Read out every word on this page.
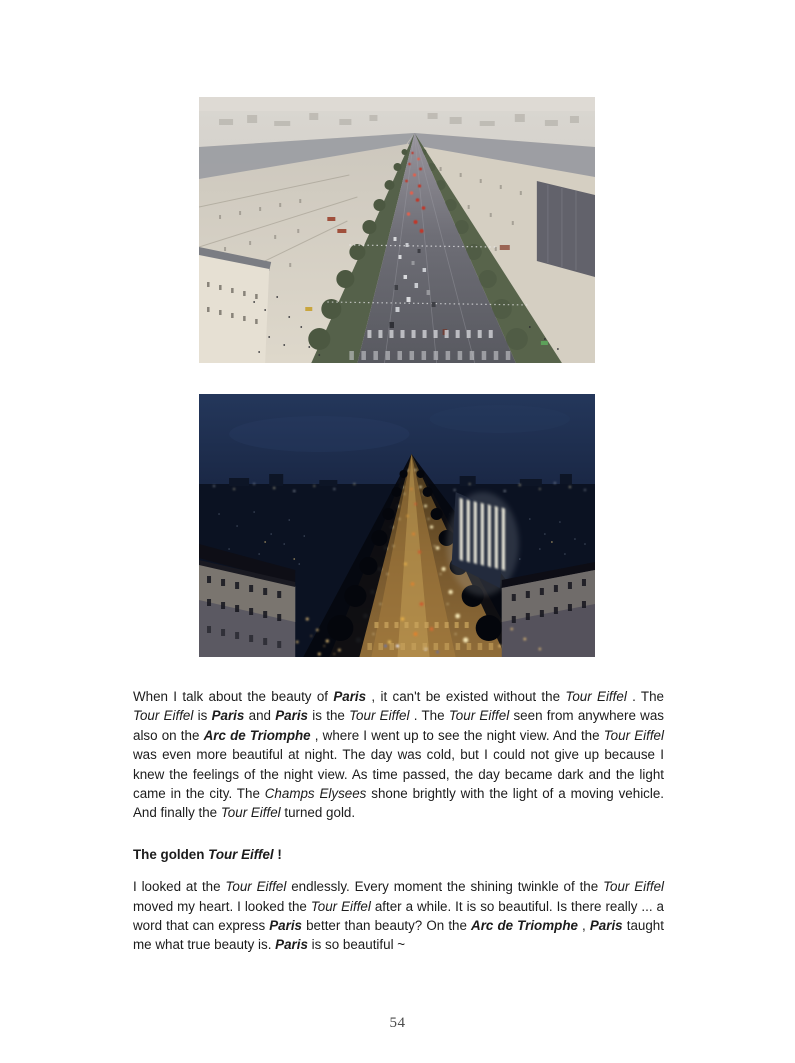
When I talk about the beauty of Paris , it can't be existed without the Tour Eiffel . The Tour Eiffel is Paris and Paris is the Tour Eiffel . The Tour Eiffel seen from anywhere was also on the Arc de Triomphe , where I went up to see the night view. And the Tour Eiffel was even more beautiful at night. The day was cold, but I could not give up because I knew the feelings of the night view. As time passed, the day became dark and the light came in the city. The Champs Elysees shone brightly with the light of a moving vehicle. And finally the Tour Eiffel turned gold.

The golden Tour Eiffel !

I looked at the Tour Eiffel endlessly. Every moment the shining twinkle of the Tour Eiffel moved my heart. I looked the Tour Eiffel after a while. It is so beautiful. Is there really ... a word that can express Paris better than beauty? On the Arc de Triomphe , Paris taught me what true beauty is. Paris is so beautiful ~

54
